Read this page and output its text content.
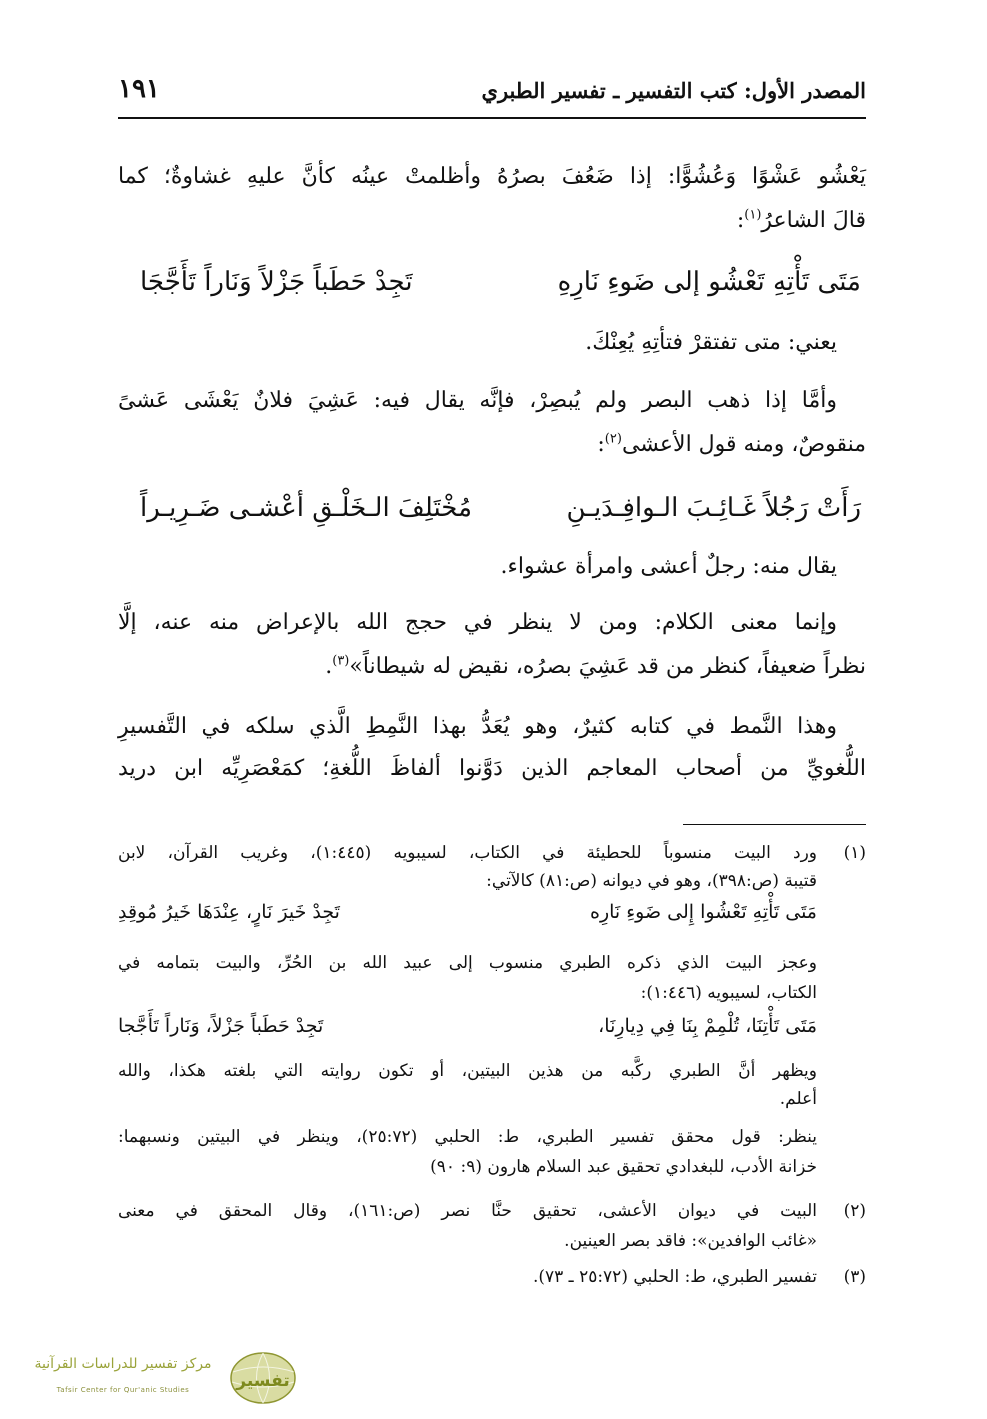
١٩١	المصدر الأول: كتب التفسير ـ تفسير الطبري
يَعْشُو عَشْوًا وَعُشُوًّا: إذا ضَعُفَ بصرُهُ وأظلمتْ عينُه كأنَّ عليهِ غشاوةٌ؛ كما
قالَ الشاعرُ$^{(١)}$:
مَتَى تَأْتِهِ تَعْشُو إلى ضَوءِ نَارِهِ
تَجِدْ حَطَباً جَزْلاً وَنَاراً تَأَجَّجَا
يعني: متى تفتقرْ فتأتِهِ يُعِنْكَ.
وأمَّا إذا ذهب البصر ولم يُبصِرْ، فإنَّه يقال فيه: عَشِيَ فلانٌ يَعْشَى عَشىً
منقوصٌ، ومنه قول الأعشى$^{(٢)}$:
رَأَتْ رَجُلاً غَـائِـبَ الـوافِـدَيـنِ
مُخْتَلِفَ الـخَلْـقِ أعْشـى ضَـرِيـراً
يقال منه: رجلٌ أعشى وامرأة عشواء.
وإنما معنى الكلام: ومن لا ينظر في حجج الله بالإعراض منه عنه، إلَّا
نظراً ضعيفاً، كنظر من قد عَشِيَ بصرُه، نقيض له شيطاناً»$^{(٣)}$.
وهذا النَّمط في كتابه كثيرٌ، وهو يُعَدُّ بهذا النَّمِطِ الَّذي سلكه في التَّفسيرِ
اللُّغويِّ من أصحاب المعاجم الذين دَوَّنوا ألفاظَ اللُّغةِ؛ كمَعْصَرِيِّه ابن دريد
(١)
ورد البيت منسوباً للحطيئة في الكتاب، لسيبويه (١:٤٤٥)، وغريب القرآن، لابن
قتيبة (ص:٣٩٨)، وهو في ديوانه (ص:٨١) كالآتي:
مَتَى تَأْتِهِ تَعْشُوا إِلى ضَوءِ نَارِه
تَجِدْ خَيرَ نَارٍ، عِنْدَهَا خَيرُ مُوقِدِ
وعجز البيت الذي ذكره الطبري منسوب إلى عبيد الله بن الحُرِّ، والبيت بتمامه في
الكتاب، لسيبويه (١:٤٤٦):
مَتَى تَأْتِنَا، تُلْمِمْ بِنَا فِي دِيارِنَا،
تَجِدْ حَطَباً جَزْلاً، وَنَاراً تَأَجَّجا
ويظهر أنَّ الطبري ركَّبه من هذين البيتين، أو تكون روايته التي بلغته هكذا، والله
أعلم.
ينظر: قول محقق تفسير الطبري، ط: الحلبي (٢٥:٧٢)، وينظر في البيتين ونسبهما:
خزانة الأدب، للبغدادي تحقيق عبد السلام هارون (٩: ٩٠)
(٢)
البيت في ديوان الأعشى، تحقيق حنَّا نصر (ص:١٦١)، وقال المحقق في معنى
«غائب الوافدين»: فاقد بصر العينين.
(٣)
تفسير الطبري، ط: الحلبي (٢٥:٧٢ ـ ٧٣).
مركز تفسير للدراسات القرآنية
Tafsir Center for Qur'anic Studies	تفسير
